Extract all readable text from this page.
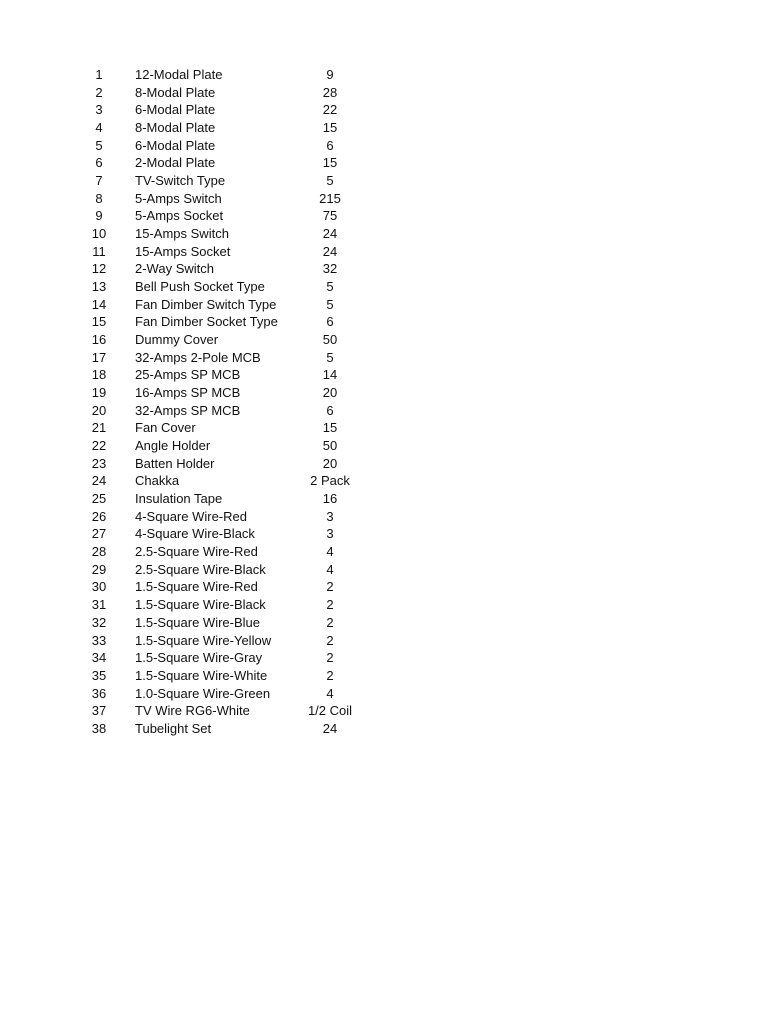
1	12-Modal Plate	9
2	8-Modal Plate	28
3	6-Modal Plate	22
4	8-Modal Plate	15
5	6-Modal Plate	6
6	2-Modal Plate	15
7	TV-Switch Type	5
8	5-Amps Switch	215
9	5-Amps Socket	75
10	15-Amps Switch	24
11	15-Amps Socket	24
12	2-Way Switch	32
13	Bell Push Socket Type	5
14	Fan Dimber Switch Type	5
15	Fan Dimber Socket Type	6
16	Dummy Cover	50
17	32-Amps 2-Pole MCB	5
18	25-Amps SP MCB	14
19	16-Amps SP MCB	20
20	32-Amps SP MCB	6
21	Fan Cover	15
22	Angle Holder	50
23	Batten Holder	20
24	Chakka	2 Pack
25	Insulation Tape	16
26	4-Square Wire-Red	3
27	4-Square Wire-Black	3
28	2.5-Square Wire-Red	4
29	2.5-Square Wire-Black	4
30	1.5-Square Wire-Red	2
31	1.5-Square Wire-Black	2
32	1.5-Square Wire-Blue	2
33	1.5-Square Wire-Yellow	2
34	1.5-Square Wire-Gray	2
35	1.5-Square Wire-White	2
36	1.0-Square Wire-Green	4
37	TV Wire RG6-White	1/2 Coil
38	Tubelight Set	24
